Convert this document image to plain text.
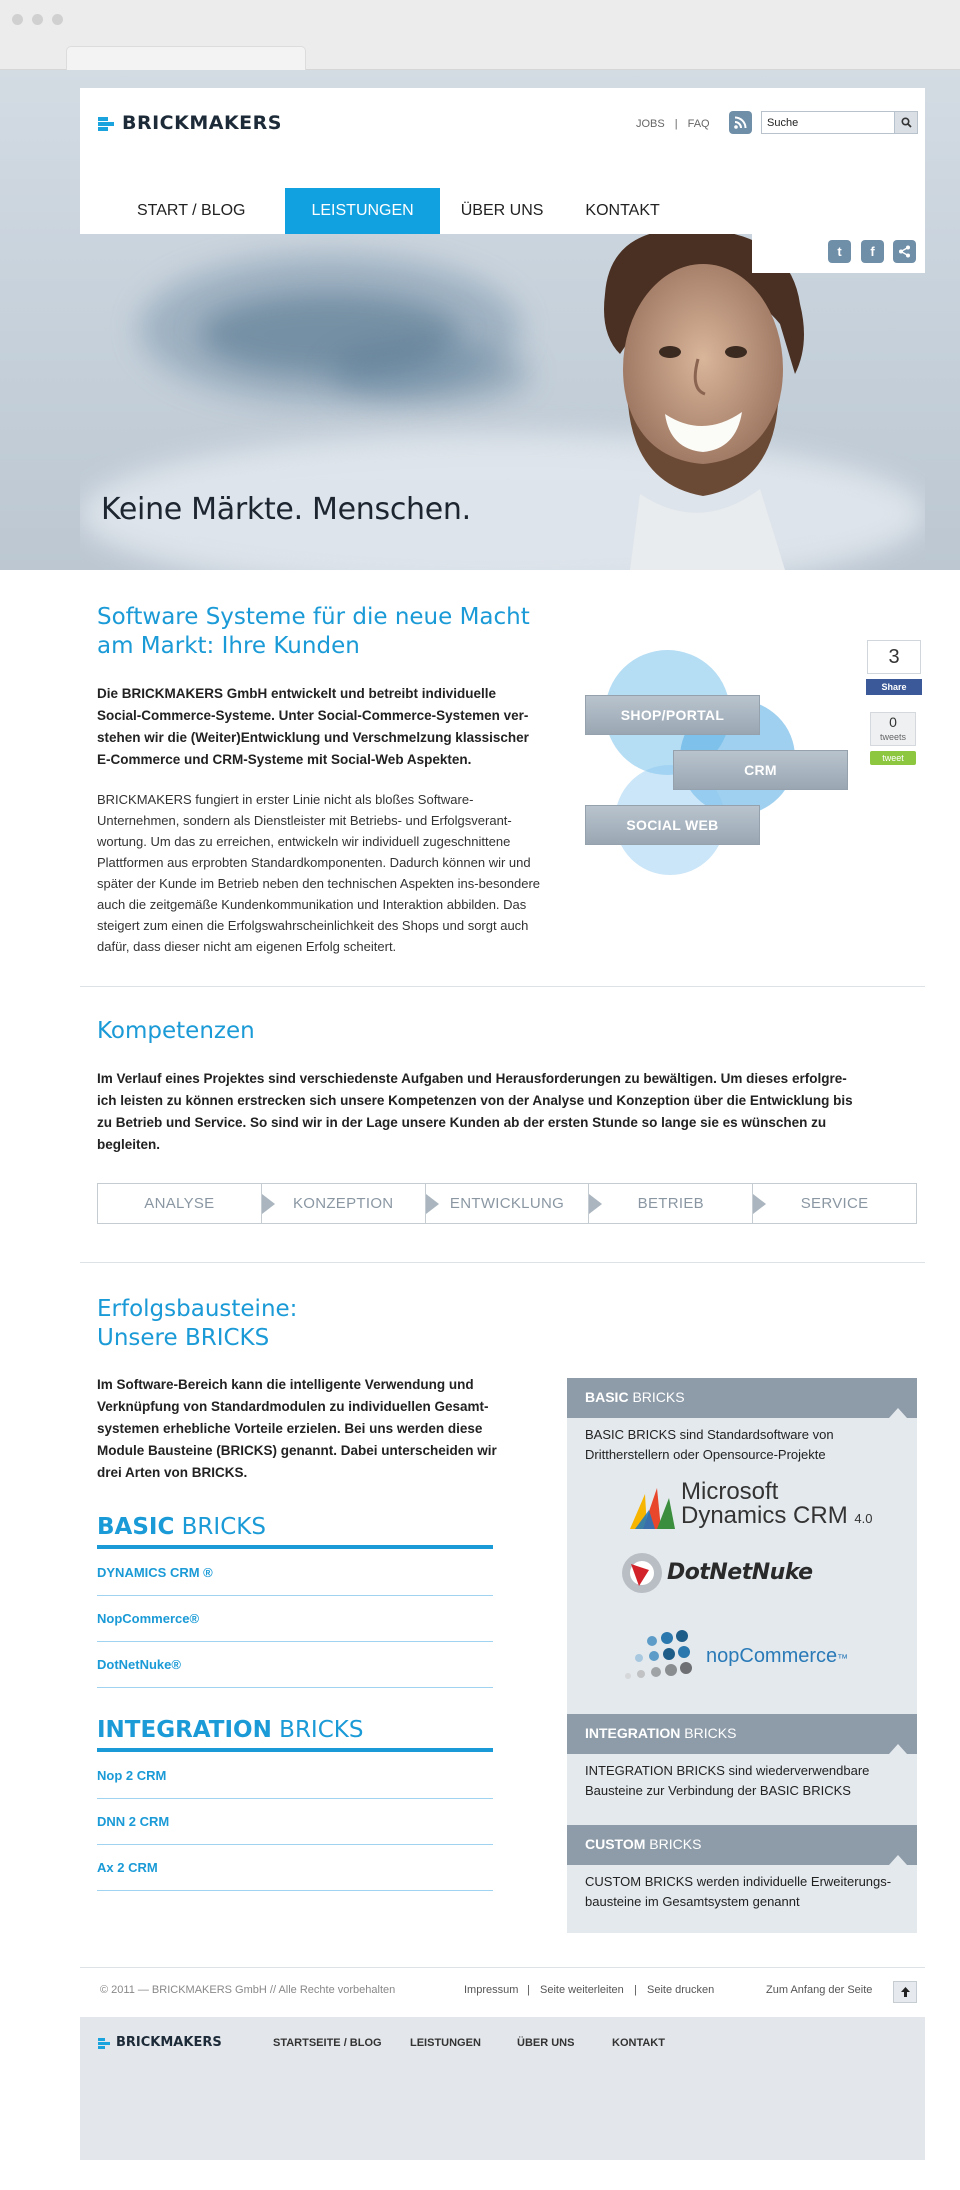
Keine Märkte. Menschen.
BRICKMAKERS	JOBS | FAQ
Suche
START / BLOG	LEISTUNGEN	ÜBER UNS	KONTAKT
t	f
Software Systeme für die neue Macht am Markt: Ihre Kunden

Die BRICKMAKERS GmbH entwickelt und betreibt individuelle Social-Commerce-Systeme. Unter Social-Commerce-Systemen ver-stehen wir die (Weiter)Entwicklung und Verschmelzung klassischer E-Commerce und CRM-Systeme mit Social-Web Aspekten.

BRICKMAKERS fungiert in erster Linie nicht als bloßes Software-Unternehmen, sondern als Dienstleister mit Betriebs- und Erfolgsverant-wortung. Um das zu erreichen, entwickeln wir individuell zugeschnittene Plattformen aus erprobten Standardkomponenten. Dadurch können wir und später der Kunde im Betrieb neben den technischen Aspekten ins-besondere auch die zeitgemäße Kundenkommunikation und Interaktion abbilden. Das steigert zum einen die Erfolgswahrscheinlichkeit des Shops und sorgt auch dafür, dass dieser nicht am eigenen Erfolg scheitert.

SHOP/PORTAL
CRM
SOCIAL WEB
3
Share
0
tweets
tweet
Kompetenzen

Im Verlauf eines Projektes sind verschiedenste Aufgaben und Herausforderungen zu bewältigen. Um dieses erfolgre-ich leisten zu können erstrecken sich unsere Kompetenzen von der Analyse und Konzeption über die Entwicklung bis zu Betrieb und Service. So sind wir in der Lage unsere Kunden ab der ersten Stunde so lange sie es wünschen zu begleiten.

ANALYSE	KONZEPTION	ENTWICKLUNG	BETRIEB	SERVICE
Erfolgsbausteine:
Unsere BRICKS

Im Software-Bereich kann die intelligente Verwendung und Verknüpfung von Standardmodulen zu individuellen Gesamt-systemen erhebliche Vorteile erzielen. Bei uns werden diese Module Bausteine (BRICKS) genannt. Dabei unterscheiden wir drei Arten von BRICKS.

BASIC BRICKS
DYNAMICS CRM ®
NopCommerce®
DotNetNuke®
INTEGRATION BRICKS
Nop 2 CRM
DNN 2 CRM
Ax 2 CRM
BASIC BRICKS
BASIC BRICKS sind Standardsoftware von Drittherstellern oder Opensource-Projekte
Microsoft
Dynamics CRM 4.0
DotNetNuke
nopCommerce™
INTEGRATION BRICKS
INTEGRATION BRICKS sind wiederverwendbare Bausteine zur Verbindung der BASIC BRICKS
CUSTOM BRICKS
CUSTOM BRICKS werden individuelle Erweiterungs-bausteine im Gesamtsystem genannt
© 2011 — BRICKMAKERS GmbH // Alle Rechte vorbehalten	Impressum | Seite weiterleiten | Seite drucken	Zum Anfang der Seite
BRICKMAKERS	STARTSEITE / BLOG	LEISTUNGEN	ÜBER UNS	KONTAKT
